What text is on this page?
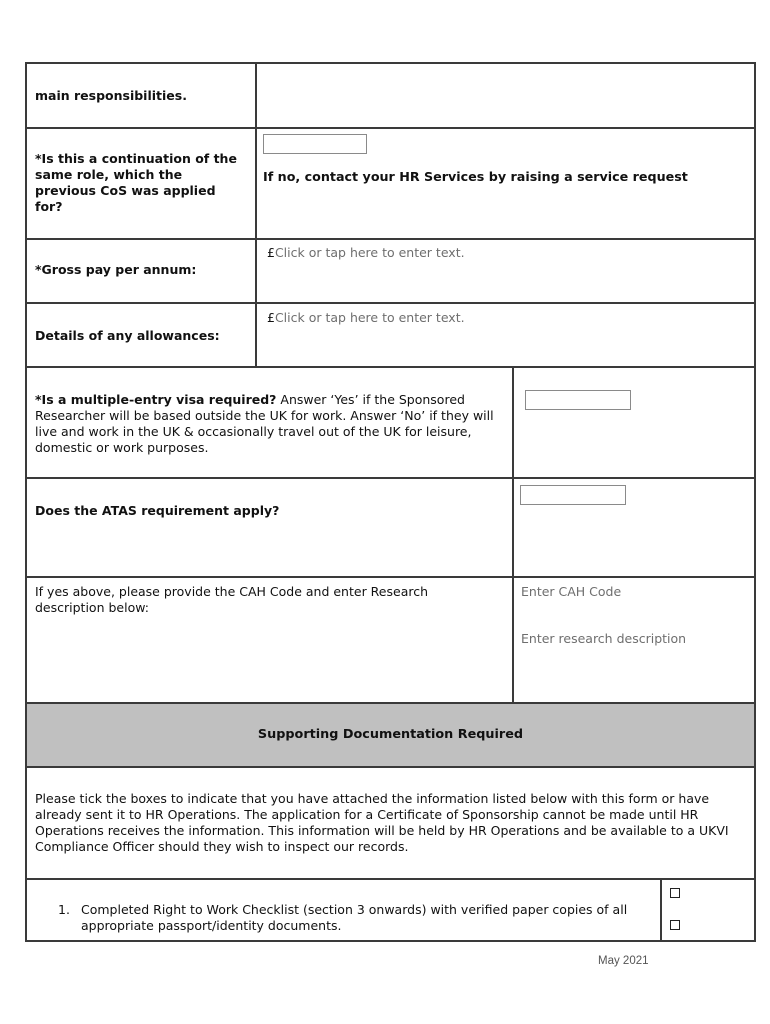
main responsibilities.
*Is this a continuation of the same role, which the previous CoS was applied for?
If no, contact your HR Services by raising a service request
*Gross pay per annum:
£Click or tap here to enter text.
Details of any allowances:
£Click or tap here to enter text.
*Is a multiple-entry visa required? Answer ‘Yes’ if the Sponsored Researcher will be based outside the UK for work. Answer ‘No’ if they will live and work in the UK & occasionally travel out of the UK for leisure, domestic or work purposes.
Does the ATAS requirement apply?
If yes above, please provide the CAH Code and enter Research description below:
Enter CAH Code
Enter research description
Supporting Documentation Required
Please tick the boxes to indicate that you have attached the information listed below with this form or have already sent it to HR Operations. The application for a Certificate of Sponsorship cannot be made until HR Operations receives the information. This information will be held by HR Operations and be available to a UKVI Compliance Officer should they wish to inspect our records.
1. Completed Right to Work Checklist (section 3 onwards) with verified paper copies of all appropriate passport/identity documents.
May 2021
